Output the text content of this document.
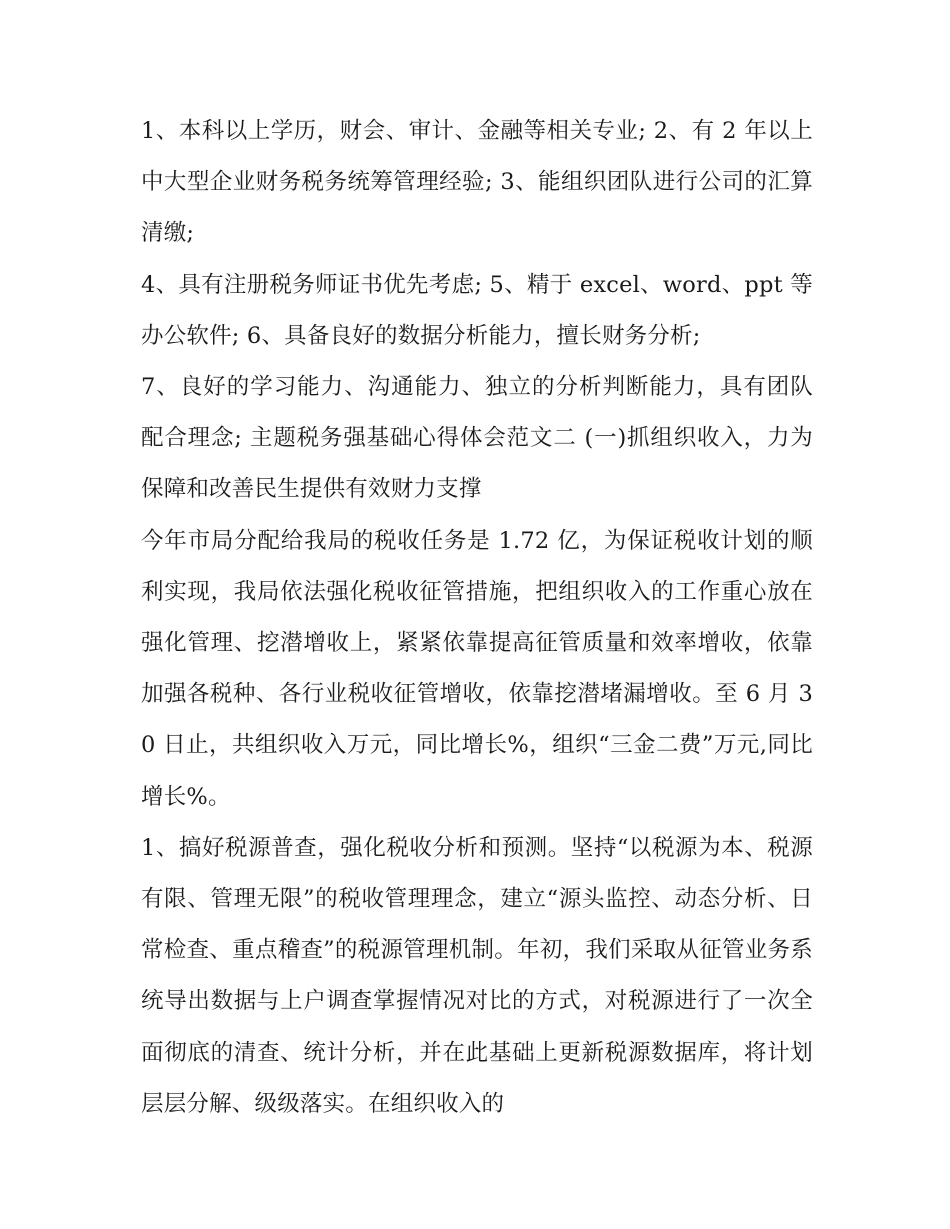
1、本科以上学历，财会、审计、金融等相关专业; 2、有 2 年以上中大型企业财务税务统筹管理经验; 3、能组织团队进行公司的汇算清缴;

4、具有注册税务师证书优先考虑; 5、精于 excel、word、ppt 等办公软件; 6、具备良好的数据分析能力，擅长财务分析;

7、良好的学习能力、沟通能力、独立的分析判断能力，具有团队配合理念; 主题税务强基础心得体会范文二 (一)抓组织收入，力为保障和改善民生提供有效财力支撑

今年市局分配给我局的税收任务是 1.72 亿，为保证税收计划的顺利实现，我局依法强化税收征管措施，把组织收入的工作重心放在强化管理、挖潜增收上，紧紧依靠提高征管质量和效率增收，依靠加强各税种、各行业税收征管增收，依靠挖潜堵漏增收。至 6 月 30 日止，共组织收入万元，同比增长%，组织“三金二费”万元,同比增长%。

1、搞好税源普查，强化税收分析和预测。坚持“以税源为本、税源有限、管理无限”的税收管理理念，建立“源头监控、动态分析、日常检查、重点稽查”的税源管理机制。年初，我们采取从征管业务系统导出数据与上户调查掌握情况对比的方式，对税源进行了一次全面彻底的清查、统计分析，并在此基础上更新税源数据库，将计划层层分解、级级落实。在组织收入的
